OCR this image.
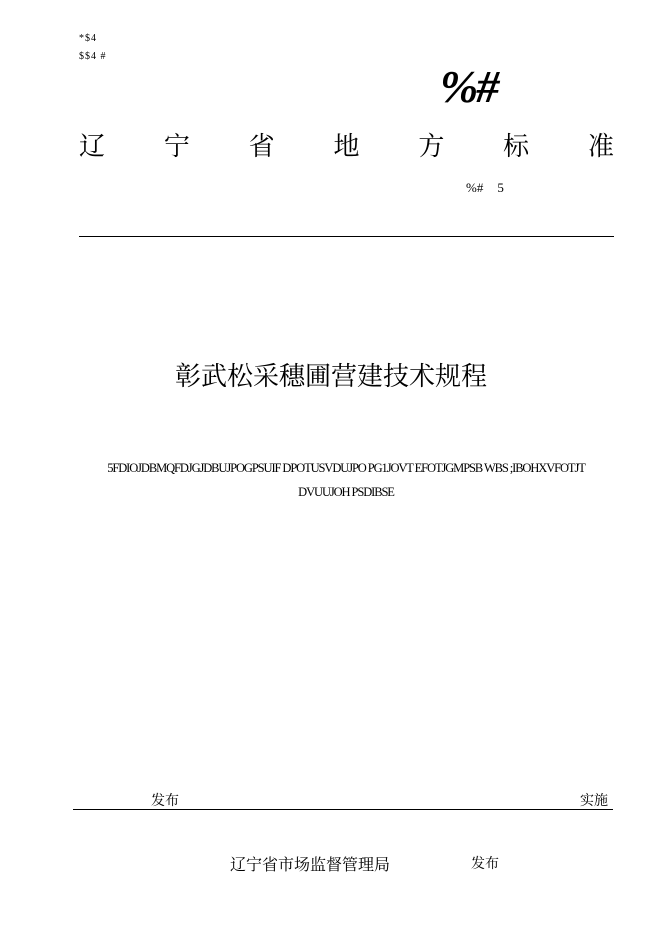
*$4
$$4 #
%#
辽 宁 省 地 方 标 准
%# 5
彰武松采穗圃营建技术规程
5FDIOJDBMQFDJGJDBUJPOGPSUIF DPOTUSVDUJPO PG1JOVT EFOTJGMPSB WBS ;IBOHXVFOTJT
DVUUJOH PSDIBSE
发布	实施
辽宁省市场监督管理局	发布
